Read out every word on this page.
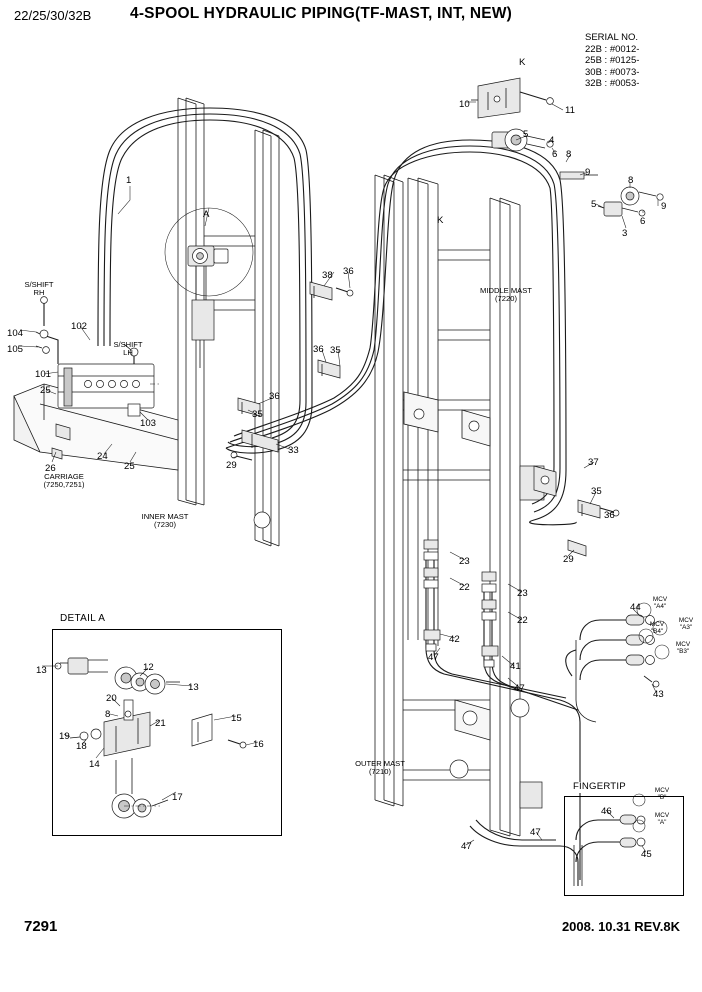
22/25/30/32B 4-SPOOL HYDRAULIC PIPING(TF-MAST, INT, NEW)
SERIAL NO.
22B : #0012-
25B : #0125-
30B : #0073-
32B : #0053-
DETAIL A
FINGERTIP
S/SHIFT
RH
S/SHIFT
LH
CARRIAGE
(7250,7251)
INNER MAST
(7230)
MIDDLE MAST
(7220)
OUTER MAST
(7210)
A
K
K
MCV
"A4"
MCV
"A3"
MCV
"B4"
MCV
"B3"
MCV
"B"
MCV
"A"
1
3
4
5
5
6
6
8
8
9
9
10
11
22
22
23
23
24
25
25
26	29
29
33
35
35
35
36
36
36
36
37
38
41
42
43
44
45
46
47
47
47
47
101
102
103
104
105
8
12
13
13
14
15
16
17
18
19
20
21
7291	2008. 10.31 REV.8K
